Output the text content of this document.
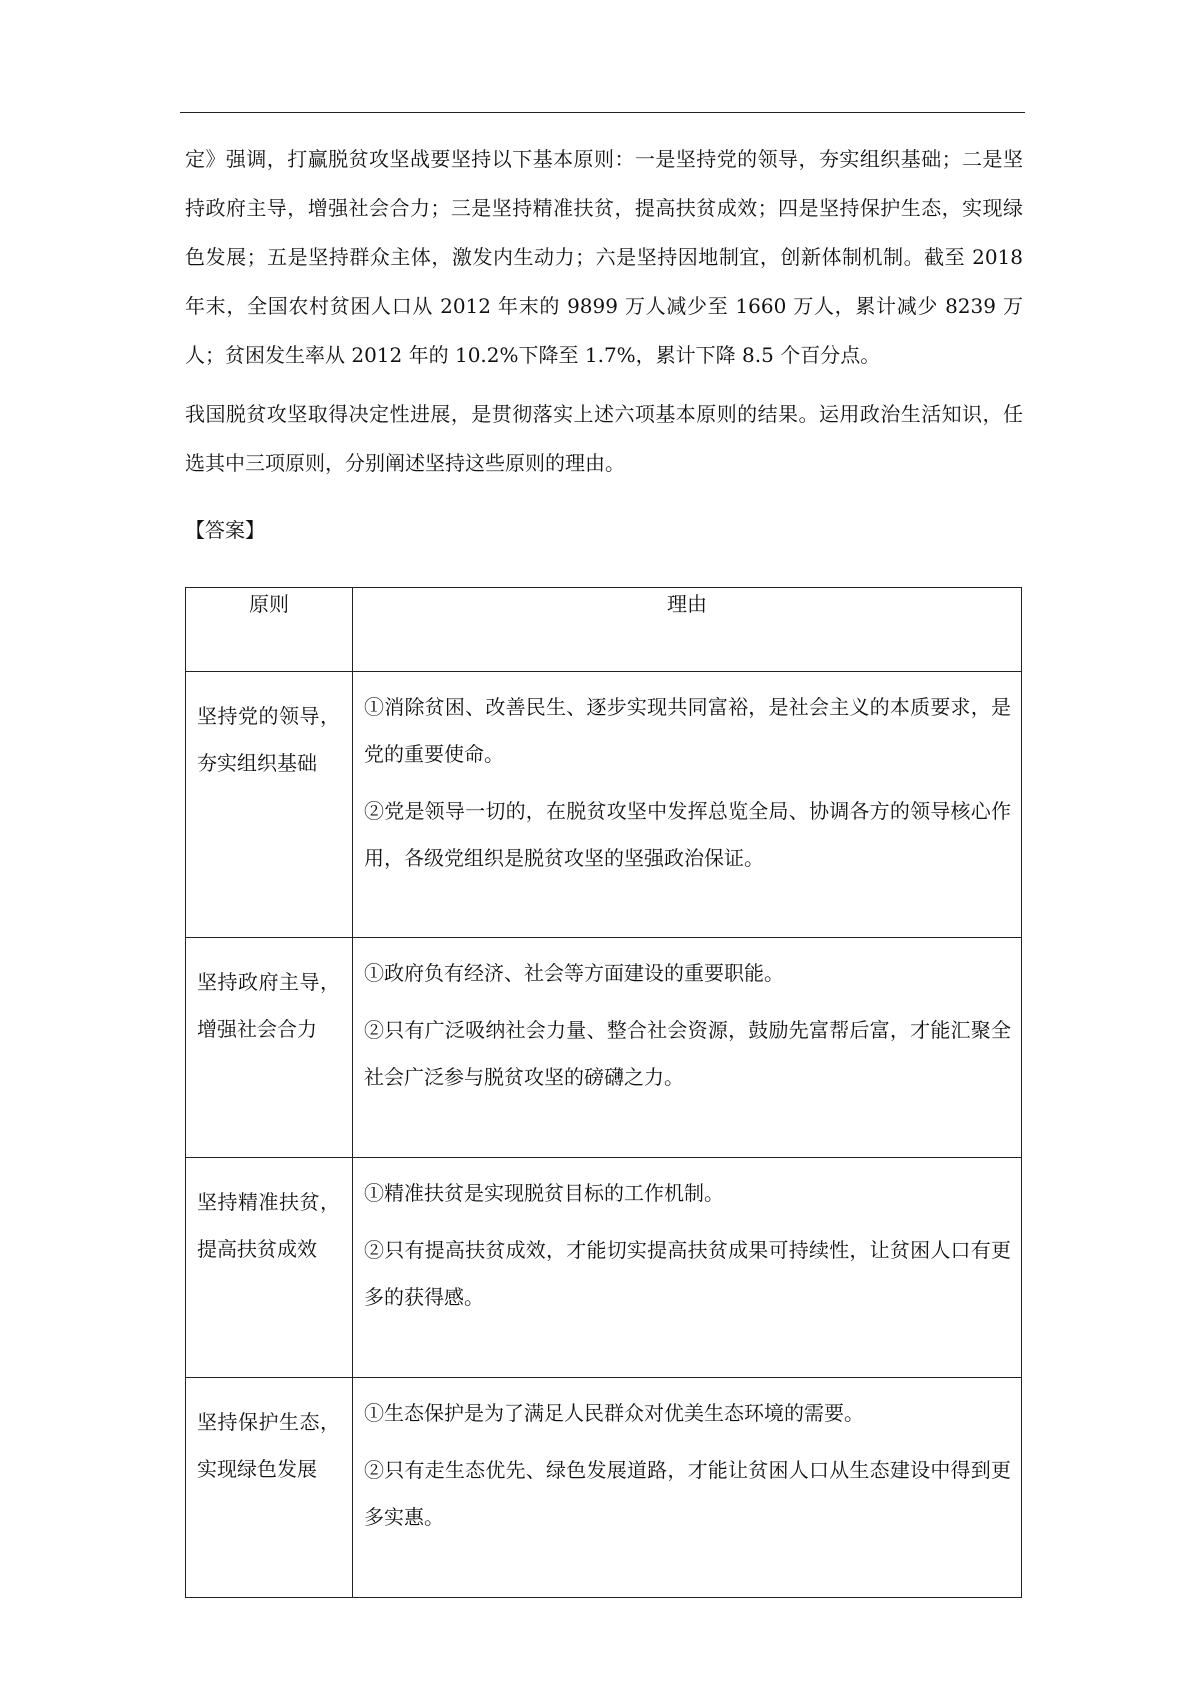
定》强调，打赢脱贫攻坚战要坚持以下基本原则：一是坚持党的领导，夯实组织基础；二是坚持政府主导，增强社会合力；三是坚持精准扶贫，提高扶贫成效；四是坚持保护生态，实现绿色发展；五是坚持群众主体，激发内生动力；六是坚持因地制宜，创新体制机制。截至 2018 年末，全国农村贫困人口从 2012 年末的 9899 万人减少至 1660 万人，累计减少 8239 万人；贫困发生率从 2012 年的 10.2%下降至 1.7%，累计下降 8.5 个百分点。

我国脱贫攻坚取得决定性进展，是贯彻落实上述六项基本原则的结果。运用政治生活知识，任选其中三项原则，分别阐述坚持这些原则的理由。

【答案】

原则	理由
坚持党的领导，夯实组织基础	①消除贫困、改善民生、逐步实现共同富裕，是社会主义的本质要求，是党的重要使命。

②党是领导一切的，在脱贫攻坚中发挥总览全局、协调各方的领导核心作用，各级党组织是脱贫攻坚的坚强政治保证。

坚持政府主导，增强社会合力	①政府负有经济、社会等方面建设的重要职能。

②只有广泛吸纳社会力量、整合社会资源，鼓励先富帮后富，才能汇聚全社会广泛参与脱贫攻坚的磅礴之力。

坚持精准扶贫，提高扶贫成效	①精准扶贫是实现脱贫目标的工作机制。

②只有提高扶贫成效，才能切实提高扶贫成果可持续性，让贫困人口有更多的获得感。

坚持保护生态，实现绿色发展	①生态保护是为了满足人民群众对优美生态环境的需要。

②只有走生态优先、绿色发展道路，才能让贫困人口从生态建设中得到更多实惠。
